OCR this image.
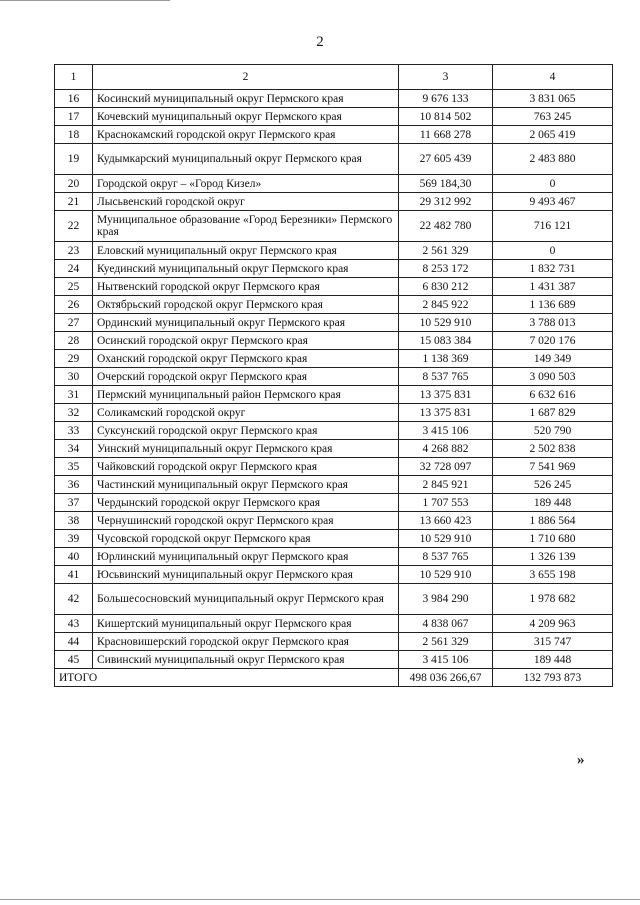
2
1	2	3	4
16	Косинский муниципальный округ Пермского края	9 676 133	3 831 065
17	Кочевский муниципальный округ Пермского края	10 814 502	763 245
18	Краснокамский городской округ Пермского края	11 668 278	2 065 419
19	Кудымкарский муниципальный округ Пермского края	27 605 439	2 483 880
20	Городской округ – «Город Кизел»	569 184,30	0
21	Лысьвенский городской округ	29 312 992	9 493 467
22	Муниципальное образование «Город Березники» Пермского края	22 482 780	716 121
23	Еловский муниципальный округ Пермского края	2 561 329	0
24	Куединский муниципальный округ Пермского края	8 253 172	1 832 731
25	Нытвенский городской округ Пермского края	6 830 212	1 431 387
26	Октябрьский городской округ Пермского края	2 845 922	1 136 689
27	Ординский муниципальный округ Пермского края	10 529 910	3 788 013
28	Осинский городской округ Пермского края	15 083 384	7 020 176
29	Оханский городской округ Пермского края	1 138 369	149 349
30	Очерский городской округ Пермского края	8 537 765	3 090 503
31	Пермский муниципальный район Пермского края	13 375 831	6 632 616
32	Соликамский городской округ	13 375 831	1 687 829
33	Суксунский городской округ Пермского края	3 415 106	520 790
34	Уинский муниципальный округ Пермского края	4 268 882	2 502 838
35	Чайковский городской округ Пермского края	32 728 097	7 541 969
36	Частинский муниципальный округ Пермского края	2 845 921	526 245
37	Чердынский городской округ Пермского края	1 707 553	189 448
38	Чернушинский городской округ Пермского края	13 660 423	1 886 564
39	Чусовской городской округ Пермского края	10 529 910	1 710 680
40	Юрлинский муниципальный округ Пермского края	8 537 765	1 326 139
41	Юсьвинский муниципальный округ Пермского края	10 529 910	3 655 198
42	Большесосновский муниципальный округ Пермского края	3 984 290	1 978 682
43	Кишертский муниципальный округ Пермского края	4 838 067	4 209 963
44	Красновишерский городской округ Пермского края	2 561 329	315 747
45	Сивинский муниципальный округ Пермского края	3 415 106	189 448
ИТОГО		498 036 266,67	132 793 873
»
